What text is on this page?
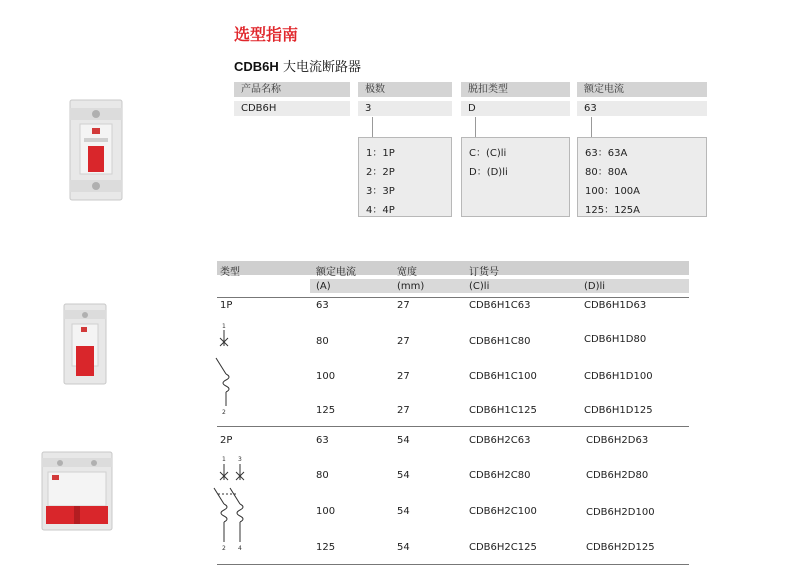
选型指南
CDB6H 大电流断路器
产品名称	极数	脱扣类型	额定电流
CDB6H	3	D	63
1：1P
2：2P
3：3P
4：4P
C：(C)li
D：(D)li
63：63A
80：80A
100：100A
125：125A
类型	额定电流	宽度	订货号
(A)	(mm)	(C)li	(D)li
1P
1
2
63	27	CDB6H1C63	CDB6H1D63
80	27	CDB6H1C80	CDB6H1D80
100	27	CDB6H1C100	CDB6H1D100
125	27	CDB6H1C125	CDB6H1D125
2P
1 3
2 4
63	54	CDB6H2C63	CDB6H2D63
80	54	CDB6H2C80	CDB6H2D80
100	54	CDB6H2C100	CDB6H2D100
125	54	CDB6H2C125	CDB6H2D125
